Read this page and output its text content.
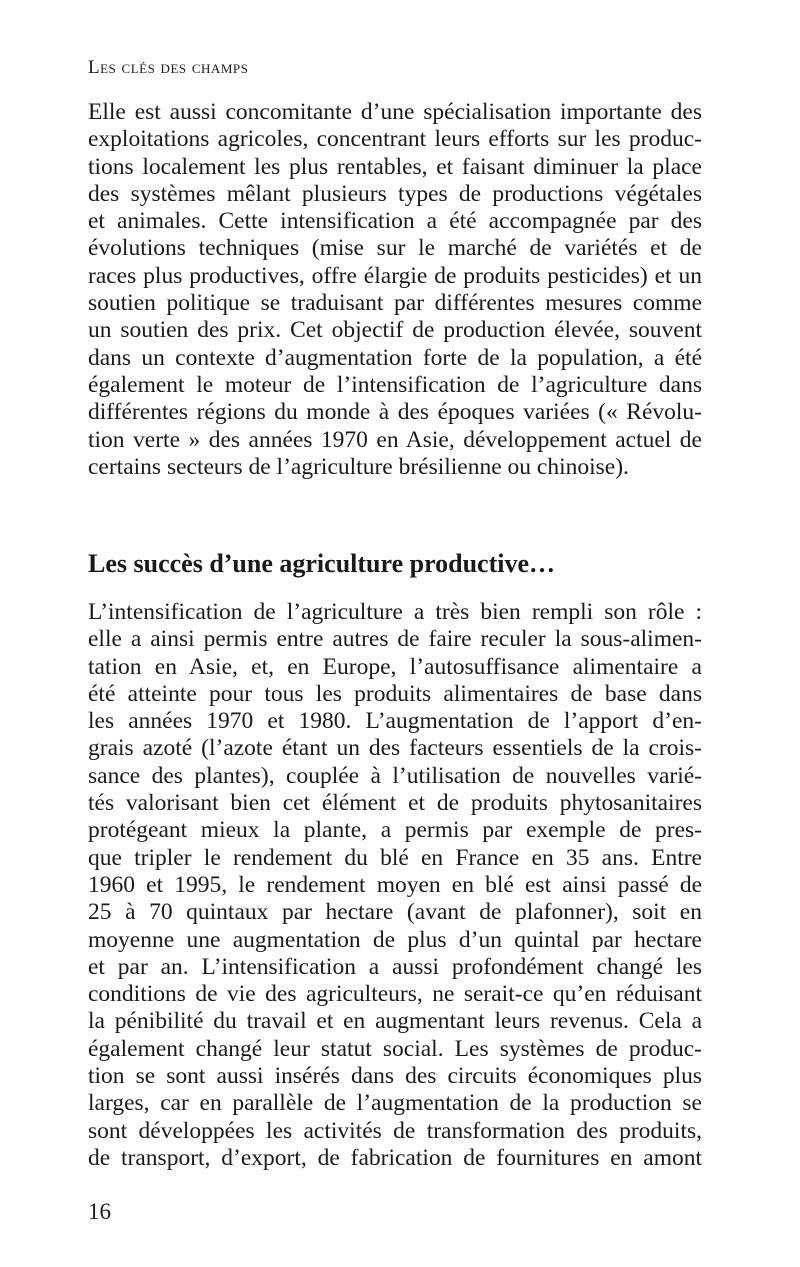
Les clés des champs
Elle est aussi concomitante d’une spécialisation importante des
exploitations agricoles, concentrant leurs efforts sur les produc-
tions localement les plus rentables, et faisant diminuer la place
des systèmes mêlant plusieurs types de productions végétales
et animales. Cette intensification a été accompagnée par des
évolutions techniques (mise sur le marché de variétés et de
races plus productives, offre élargie de produits pesticides) et un
soutien politique se traduisant par différentes mesures comme
un soutien des prix. Cet objectif de production élevée, souvent
dans un contexte d’augmentation forte de la population, a été
également le moteur de l’intensification de l’agriculture dans
différentes régions du monde à des époques variées (« Révolu-
tion verte » des années 1970 en Asie, développement actuel de
certains secteurs de l’agriculture brésilienne ou chinoise).
Les succès d’une agriculture productive…
L’intensification de l’agriculture a très bien rempli son rôle :
elle a ainsi permis entre autres de faire reculer la sous-alimen-
tation en Asie, et, en Europe, l’autosuffisance alimentaire a
été atteinte pour tous les produits alimentaires de base dans
les années 1970 et 1980. L’augmentation de l’apport d’en-
grais azoté (l’azote étant un des facteurs essentiels de la crois-
sance des plantes), couplée à l’utilisation de nouvelles varié-
tés valorisant bien cet élément et de produits phytosanitaires
protégeant mieux la plante, a permis par exemple de pres-
que tripler le rendement du blé en France en 35 ans. Entre
1960 et 1995, le rendement moyen en blé est ainsi passé de
25 à 70 quintaux par hectare (avant de plafonner), soit en
moyenne une augmentation de plus d’un quintal par hectare
et par an. L’intensification a aussi profondément changé les
conditions de vie des agriculteurs, ne serait-ce qu’en réduisant
la pénibilité du travail et en augmentant leurs revenus. Cela a
également changé leur statut social. Les systèmes de produc-
tion se sont aussi insérés dans des circuits économiques plus
larges, car en parallèle de l’augmentation de la production se
sont développées les activités de transformation des produits,
de transport, d’export, de fabrication de fournitures en amont
16
